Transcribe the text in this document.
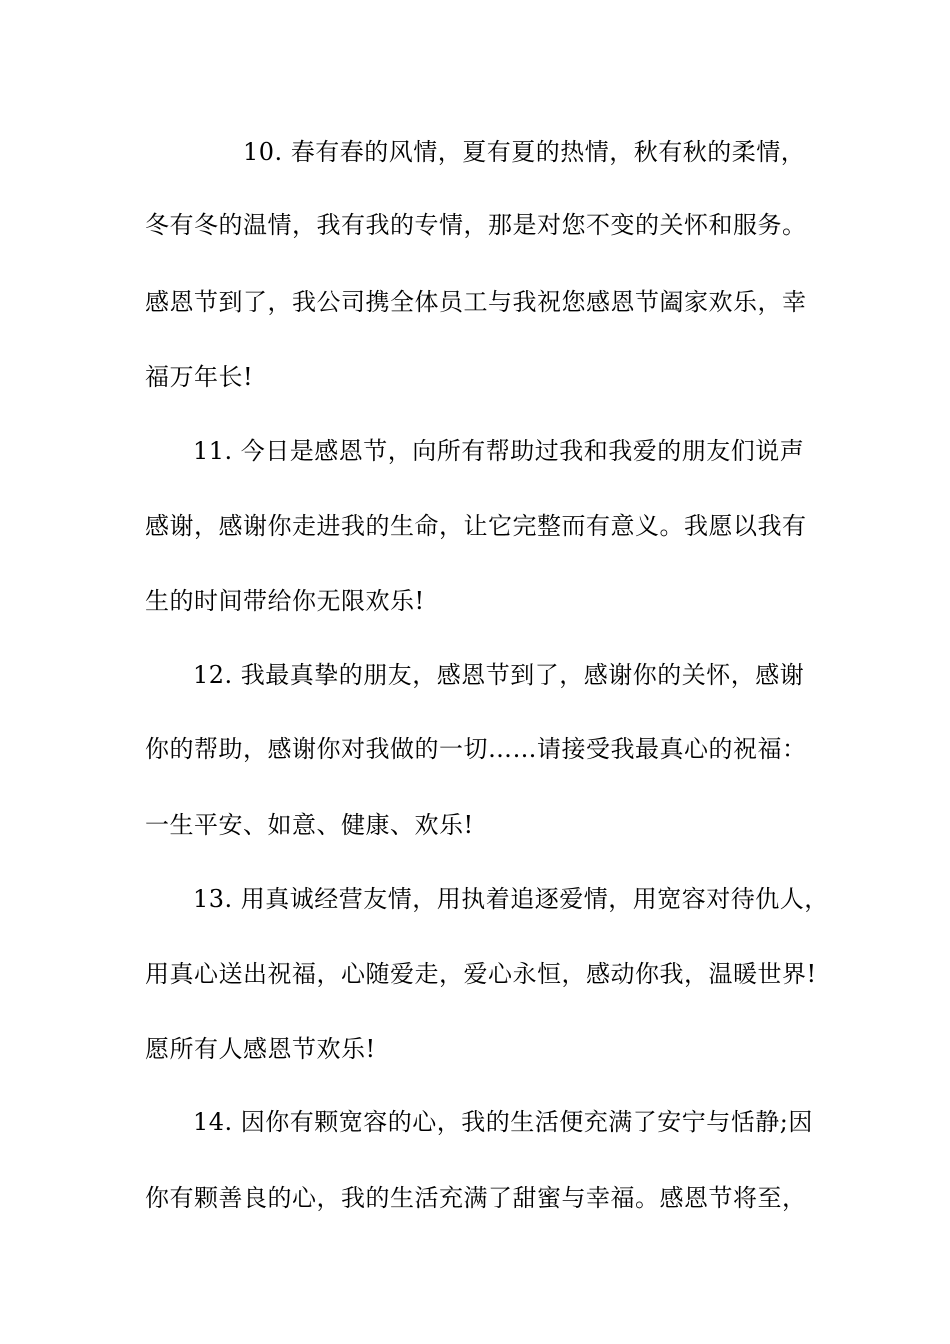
10. 春有春的风情，夏有夏的热情，秋有秋的柔情，
冬有冬的温情，我有我的专情，那是对您不变的关怀和服务。
感恩节到了，我公司携全体员工与我祝您感恩节阖家欢乐，幸
福万年长!
11. 今日是感恩节，向所有帮助过我和我爱的朋友们说声
感谢，感谢你走进我的生命，让它完整而有意义。我愿以我有
生的时间带给你无限欢乐!
12. 我最真挚的朋友，感恩节到了，感谢你的关怀，感谢
你的帮助，感谢你对我做的一切……请接受我最真心的祝福：
一生平安、如意、健康、欢乐!
13. 用真诚经营友情，用执着追逐爱情，用宽容对待仇人，
用真心送出祝福，心随爱走，爱心永恒，感动你我，温暖世界!
愿所有人感恩节欢乐!
14. 因你有颗宽容的心，我的生活便充满了安宁与恬静;因
你有颗善良的心，我的生活充满了甜蜜与幸福。感恩节将至，
